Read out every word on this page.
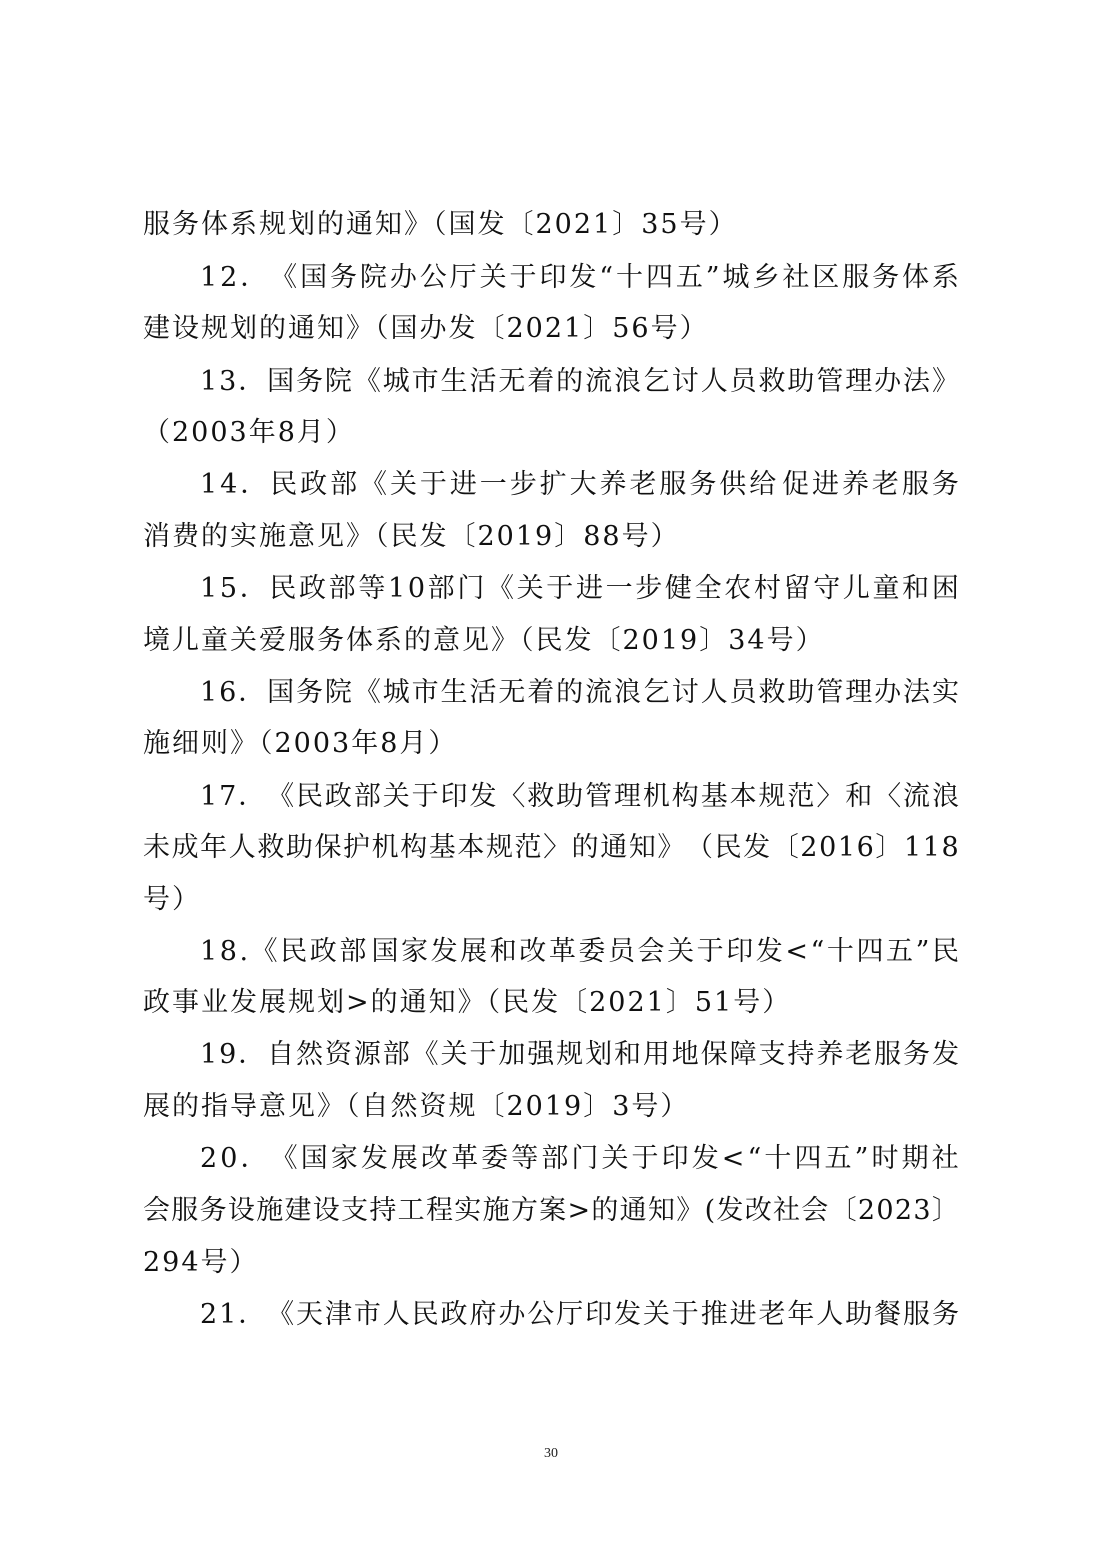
服务体系规划的通知》（国发〔2021〕35号）
1 2 ． 《 国 务 院 办 公 厅 关 于 印 发 “ 十 四 五 ” 城 乡 社 区 服 务 体 系
建设规划的通知》（国办发〔2021〕56号）
1 3 ． 国 务 院 《 城 市 生 活 无 着 的 流 浪 乞 讨 人 员 救 助 管 理 办 法 》
（2003年8月）
1 4 ． 民 政 部 《 关 于 进 一 步 扩 大 养 老 服 务 供 给 促 进 养 老 服 务
消费的实施意见》（民发〔2019〕88号）
1 5 ． 民 政 部 等 1 0 部 门 《 关 于 进 一 步 健 全 农 村 留 守 儿 童 和 困
境儿童关爱服务体系的意见》（民发〔2019〕34号）
1 6 ． 国 务 院 《 城 市 生 活 无 着 的 流 浪 乞 讨 人 员 救 助 管 理 办 法 实
施细则》（2003年8月）
1 7 ． 《 民 政 部 关 于 印 发 〈 救 助 管 理 机 构 基 本 规 范 〉 和 〈 流 浪
未 成 年 人 救 助 保 护 机 构 基 本 规 范 〉 的 通 知 》 （ 民 发 〔 2 0 1 6 〕 1 1 8
号）
1 8 . 《 民 政 部 国 家 发 展 和 改 革 委 员 会 关 于 印 发 < “ 十 四 五 ” 民
政事业发展规划>的通知》（民发〔2021〕51号）
1 9 ． 自 然 资 源 部 《 关 于 加 强 规 划 和 用 地 保 障 支 持 养 老 服 务 发
展的指导意见》（自然资规〔2019〕3号）
2 0 ． 《 国 家 发 展 改 革 委 等 部 门 关 于 印 发 < “ 十 四 五 ” 时 期 社
会 服 务 设 施 建 设 支 持 工 程 实 施 方 案 > 的 通 知 》 ( 发 改 社 会 〔 2 0 2 3 〕
294号）
2 1 ． 《 天 津 市 人 民 政 府 办 公 厅 印 发 关 于 推 进 老 年 人 助 餐 服 务
30
